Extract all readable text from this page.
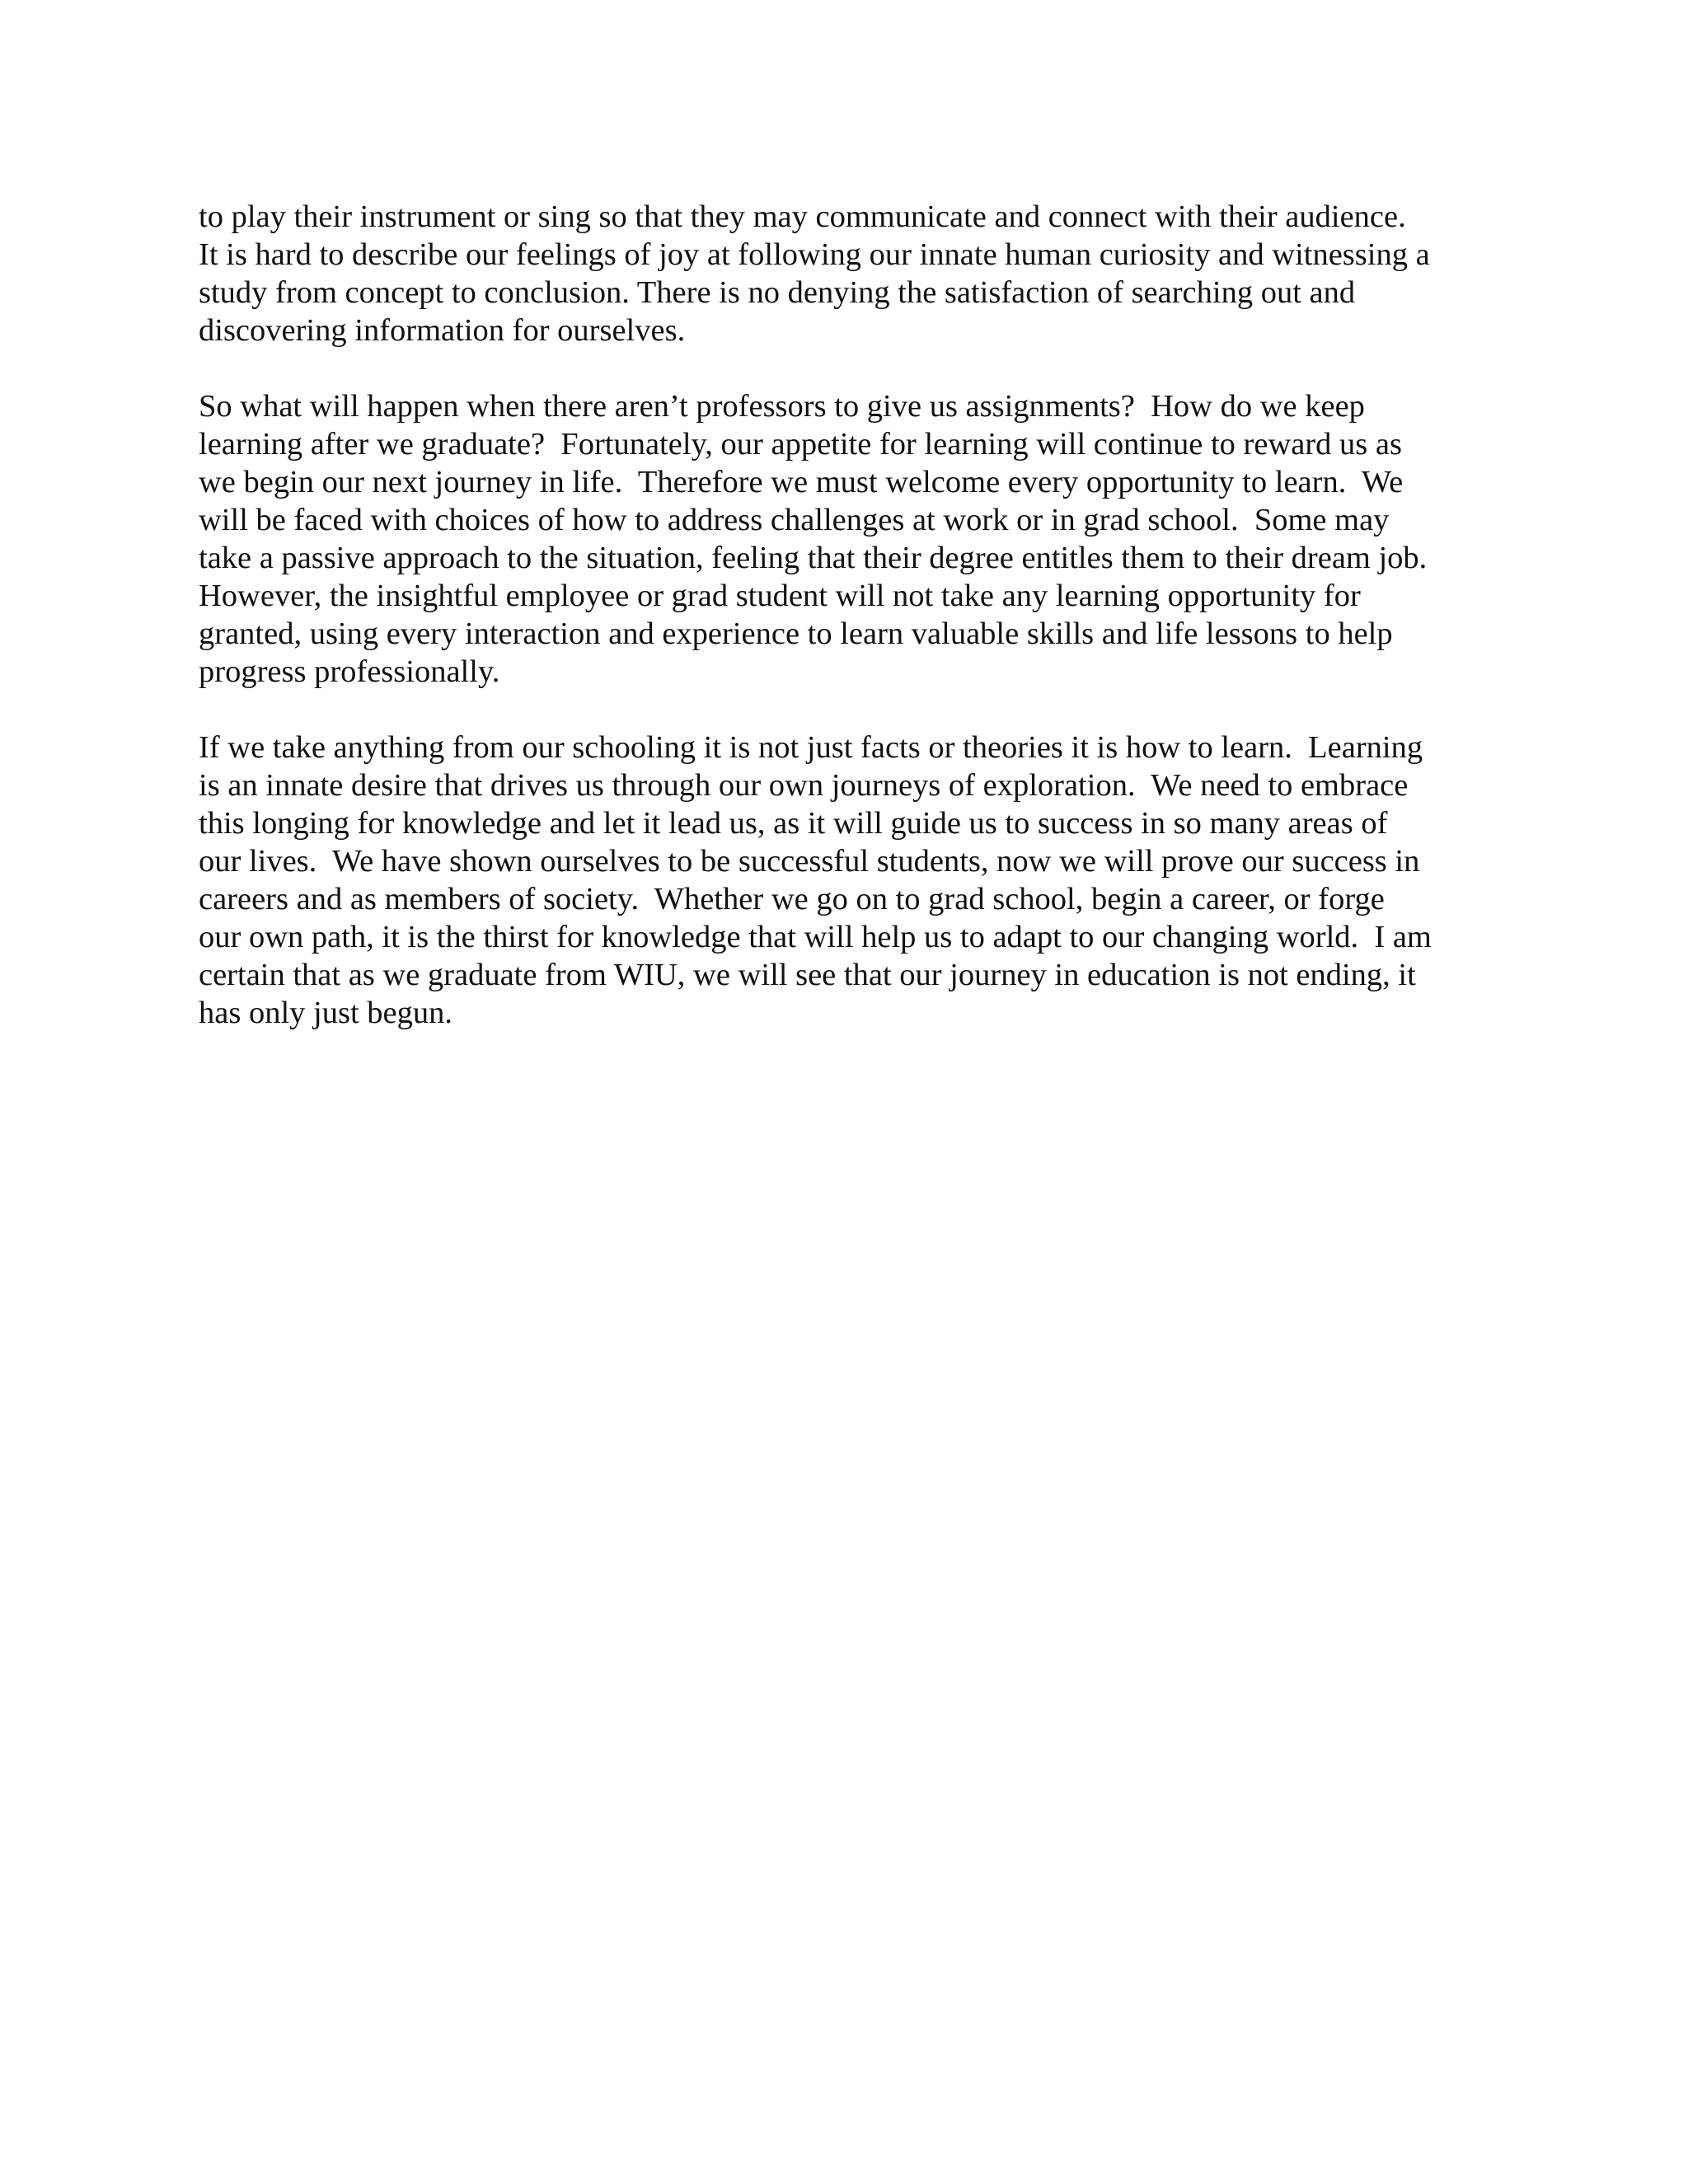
to play their instrument or sing so that they may communicate and connect with their audience.
It is hard to describe our feelings of joy at following our innate human curiosity and witnessing a
study from concept to conclusion. There is no denying the satisfaction of searching out and
discovering information for ourselves.

So what will happen when there aren’t professors to give us assignments?  How do we keep
learning after we graduate?  Fortunately, our appetite for learning will continue to reward us as
we begin our next journey in life.  Therefore we must welcome every opportunity to learn.  We
will be faced with choices of how to address challenges at work or in grad school.  Some may
take a passive approach to the situation, feeling that their degree entitles them to their dream job.
However, the insightful employee or grad student will not take any learning opportunity for
granted, using every interaction and experience to learn valuable skills and life lessons to help
progress professionally.

If we take anything from our schooling it is not just facts or theories it is how to learn.  Learning
is an innate desire that drives us through our own journeys of exploration.  We need to embrace
this longing for knowledge and let it lead us, as it will guide us to success in so many areas of
our lives.  We have shown ourselves to be successful students, now we will prove our success in
careers and as members of society.  Whether we go on to grad school, begin a career, or forge
our own path, it is the thirst for knowledge that will help us to adapt to our changing world.  I am
certain that as we graduate from WIU, we will see that our journey in education is not ending, it
has only just begun.
